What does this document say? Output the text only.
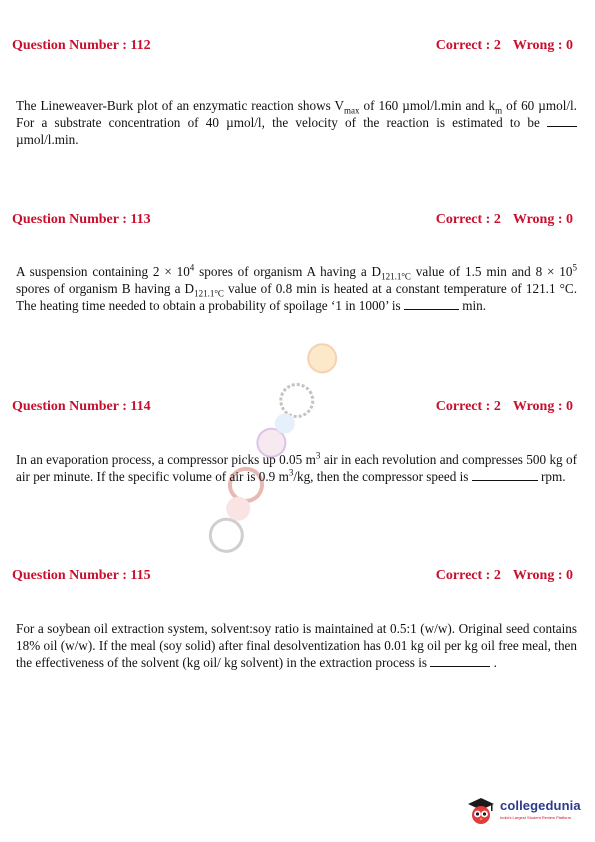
Question Number : 112	Correct : 2 Wrong : 0
The Lineweaver-Burk plot of an enzymatic reaction shows $V_{max}$ of 160 µmol/l.min and $k_m$ of 60 µmol/l. For a substrate concentration of 40 µmol/l, the velocity of the reaction is estimated to be  µmol/l.min.
Question Number : 113	Correct : 2 Wrong : 0
A suspension containing $2 \times 10^4$ spores of organism A having a $D_{121.1^\circ C}$ value of 1.5 min and $8 \times 10^5$ spores of organism B having a $D_{121.1^\circ C}$ value of 0.8 min is heated at a constant temperature of 121.1 °C. The heating time needed to obtain a probability of spoilage ‘1 in 1000’ is	min.
Question Number : 114	Correct : 2 Wrong : 0
In an evaporation process, a compressor picks up 0.05 $m^3$ air in each revolution and compresses 500 kg of air per minute. If the specific volume of air is 0.9 $m^3/kg$, then the compressor speed is	rpm.
Question Number : 115	Correct : 2 Wrong : 0
For a soybean oil extraction system, solvent:soy ratio is maintained at 0.5:1 (w/w). Original seed contains 18% oil (w/w). If the meal (soy solid) after final desolventization has 0.01 kg oil per kg oil free meal, then the effectiveness of the solvent (kg oil/ kg solvent) in the extraction process is	.
collegedunia
India's Largest Student Review Platform
